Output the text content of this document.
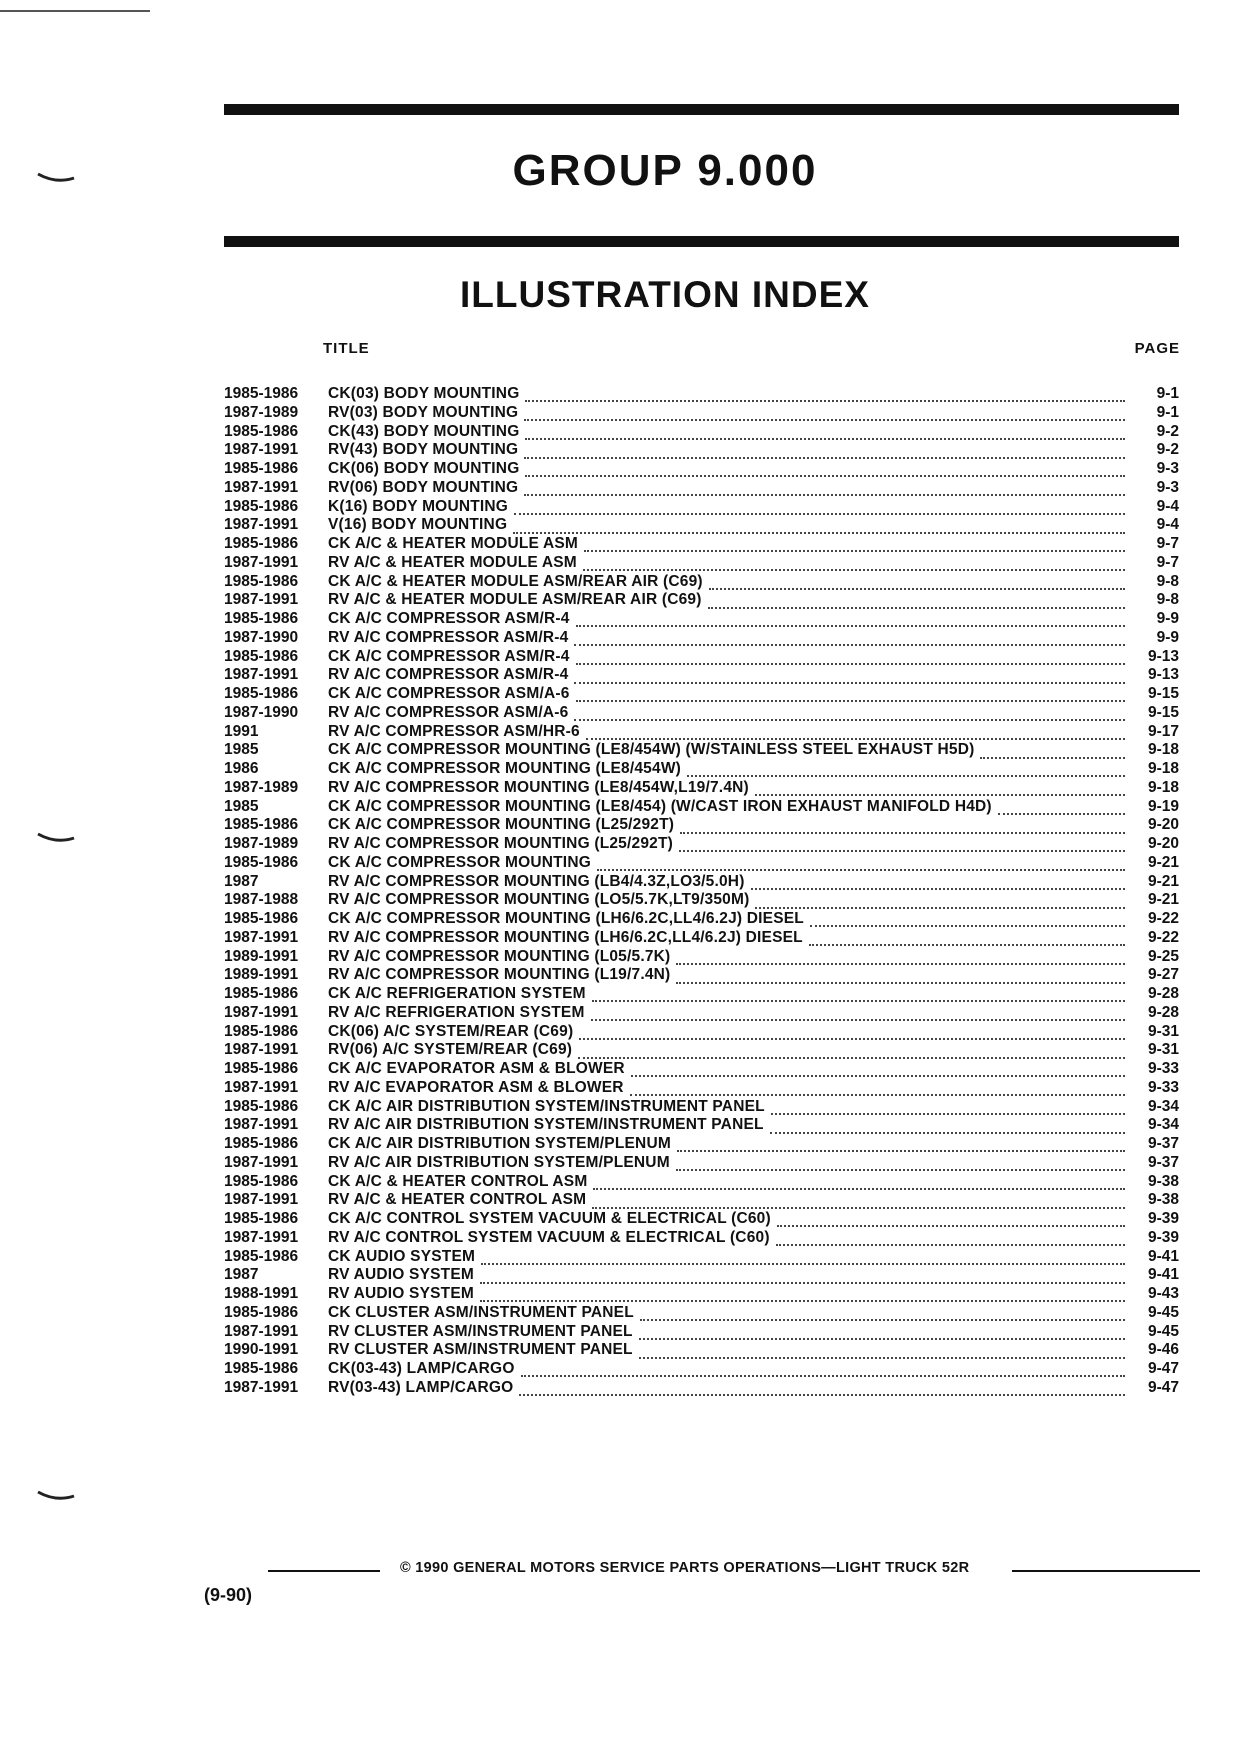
GROUP 9.000
ILLUSTRATION INDEX
TITLE	PAGE
1985-1986	CK(03) BODY MOUNTING	9-1
1987-1989	RV(03) BODY MOUNTING	9-1
1985-1986	CK(43) BODY MOUNTING	9-2
1987-1991	RV(43) BODY MOUNTING	9-2
1985-1986	CK(06) BODY MOUNTING	9-3
1987-1991	RV(06) BODY MOUNTING	9-3
1985-1986	K(16) BODY MOUNTING	9-4
1987-1991	V(16) BODY MOUNTING	9-4
1985-1986	CK A/C & HEATER MODULE ASM	9-7
1987-1991	RV A/C & HEATER MODULE ASM	9-7
1985-1986	CK A/C & HEATER MODULE ASM/REAR AIR (C69)	9-8
1987-1991	RV A/C & HEATER MODULE ASM/REAR AIR (C69)	9-8
1985-1986	CK A/C COMPRESSOR ASM/R-4	9-9
1987-1990	RV A/C COMPRESSOR ASM/R-4	9-9
1985-1986	CK A/C COMPRESSOR ASM/R-4	9-13
1987-1991	RV A/C COMPRESSOR ASM/R-4	9-13
1985-1986	CK A/C COMPRESSOR ASM/A-6	9-15
1987-1990	RV A/C COMPRESSOR ASM/A-6	9-15
1991	RV A/C COMPRESSOR ASM/HR-6	9-17
1985	CK A/C COMPRESSOR MOUNTING (LE8/454W) (W/STAINLESS STEEL EXHAUST H5D)	9-18
1986	CK A/C COMPRESSOR MOUNTING (LE8/454W)	9-18
1987-1989	RV A/C COMPRESSOR MOUNTING (LE8/454W,L19/7.4N)	9-18
1985	CK A/C COMPRESSOR MOUNTING (LE8/454) (W/CAST IRON EXHAUST MANIFOLD H4D)	9-19
1985-1986	CK A/C COMPRESSOR MOUNTING (L25/292T)	9-20
1987-1989	RV A/C COMPRESSOR MOUNTING (L25/292T)	9-20
1985-1986	CK A/C COMPRESSOR MOUNTING	9-21
1987	RV A/C COMPRESSOR MOUNTING (LB4/4.3Z,LO3/5.0H)	9-21
1987-1988	RV A/C COMPRESSOR MOUNTING (LO5/5.7K,LT9/350M)	9-21
1985-1986	CK A/C COMPRESSOR MOUNTING (LH6/6.2C,LL4/6.2J) DIESEL	9-22
1987-1991	RV A/C COMPRESSOR MOUNTING (LH6/6.2C,LL4/6.2J) DIESEL	9-22
1989-1991	RV A/C COMPRESSOR MOUNTING (L05/5.7K)	9-25
1989-1991	RV A/C COMPRESSOR MOUNTING (L19/7.4N)	9-27
1985-1986	CK A/C REFRIGERATION SYSTEM	9-28
1987-1991	RV A/C REFRIGERATION SYSTEM	9-28
1985-1986	CK(06) A/C SYSTEM/REAR (C69)	9-31
1987-1991	RV(06) A/C SYSTEM/REAR (C69)	9-31
1985-1986	CK A/C EVAPORATOR ASM & BLOWER	9-33
1987-1991	RV A/C EVAPORATOR ASM & BLOWER	9-33
1985-1986	CK A/C AIR DISTRIBUTION SYSTEM/INSTRUMENT PANEL	9-34
1987-1991	RV A/C AIR DISTRIBUTION SYSTEM/INSTRUMENT PANEL	9-34
1985-1986	CK A/C AIR DISTRIBUTION SYSTEM/PLENUM	9-37
1987-1991	RV A/C AIR DISTRIBUTION SYSTEM/PLENUM	9-37
1985-1986	CK A/C & HEATER CONTROL ASM	9-38
1987-1991	RV A/C & HEATER CONTROL ASM	9-38
1985-1986	CK A/C CONTROL SYSTEM VACUUM & ELECTRICAL (C60)	9-39
1987-1991	RV A/C CONTROL SYSTEM VACUUM & ELECTRICAL (C60)	9-39
1985-1986	CK AUDIO SYSTEM	9-41
1987	RV AUDIO SYSTEM	9-41
1988-1991	RV AUDIO SYSTEM	9-43
1985-1986	CK CLUSTER ASM/INSTRUMENT PANEL	9-45
1987-1991	RV CLUSTER ASM/INSTRUMENT PANEL	9-45
1990-1991	RV CLUSTER ASM/INSTRUMENT PANEL	9-46
1985-1986	CK(03-43) LAMP/CARGO	9-47
1987-1991	RV(03-43) LAMP/CARGO	9-47
© 1990 GENERAL MOTORS SERVICE PARTS OPERATIONS—LIGHT TRUCK 52R
(9-90)
